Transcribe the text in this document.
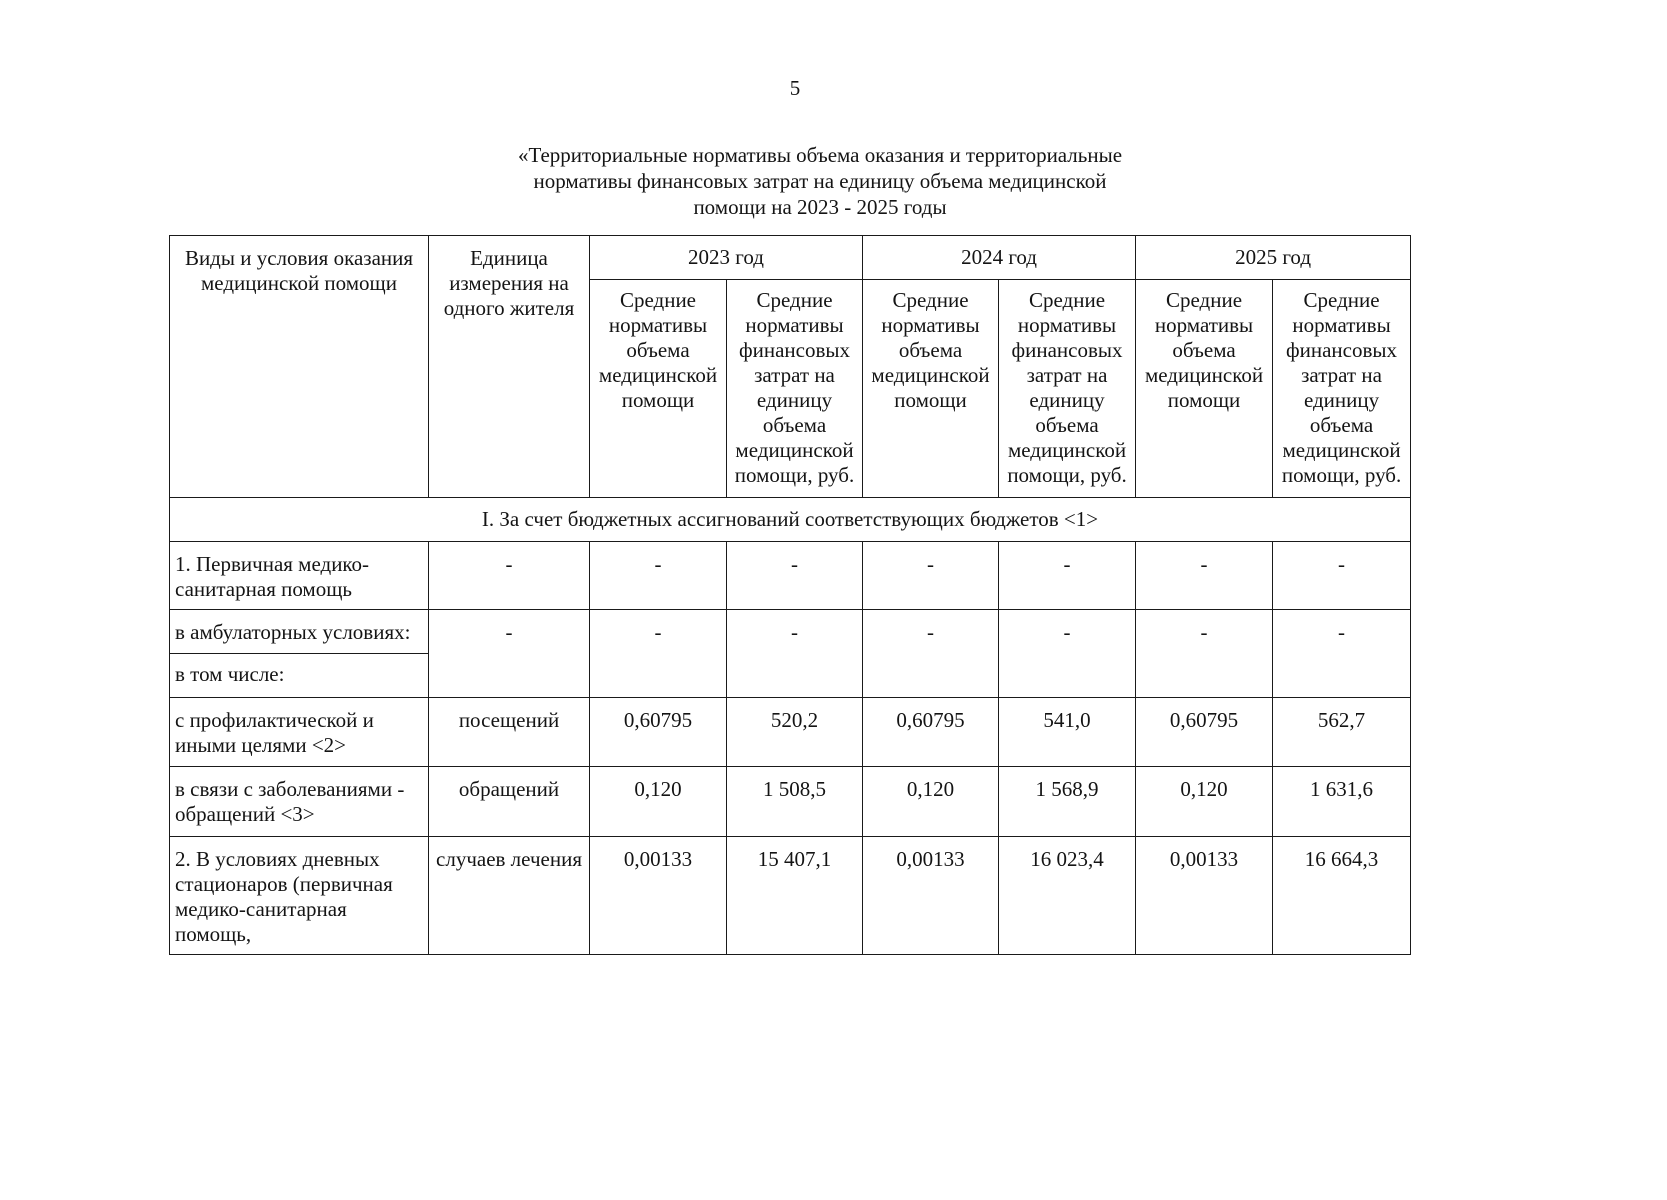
5
«Территориальные нормативы объема оказания и территориальные
нормативы финансовых затрат на единицу объема медицинской
помощи на 2023 - 2025 годы
Виды и условия оказания медицинской помощи	Единица измерения на одного жителя	2023 год		2024 год		2025 год	
		Средние нормативы объема медицинской помощи	Средние нормативы финансовых затрат на единицу объема медицинской помощи, руб.	Средние нормативы объема медицинской помощи	Средние нормативы финансовых затрат на единицу объема медицинской помощи, руб.	Средние нормативы объема медицинской помощи	Средние нормативы финансовых затрат на единицу объема медицинской помощи, руб.
I. За счет бюджетных ассигнований соответствующих бюджетов <1>							
1. Первичная медико-санитарная помощь	-	-	-	-	-	-	-
в амбулаторных условиях:	-	-	-	-	-	-	-
в том числе:							
с профилактической и иными целями <2>	посещений	0,60795	520,2	0,60795	541,0	0,60795	562,7
в связи с заболеваниями - обращений <3>	обращений	0,120	1 508,5	0,120	1 568,9	0,120	1 631,6
2. В условиях дневных стационаров (первичная медико-санитарная помощь,	случаев лечения	0,00133	15 407,1	0,00133	16 023,4	0,00133	16 664,3
